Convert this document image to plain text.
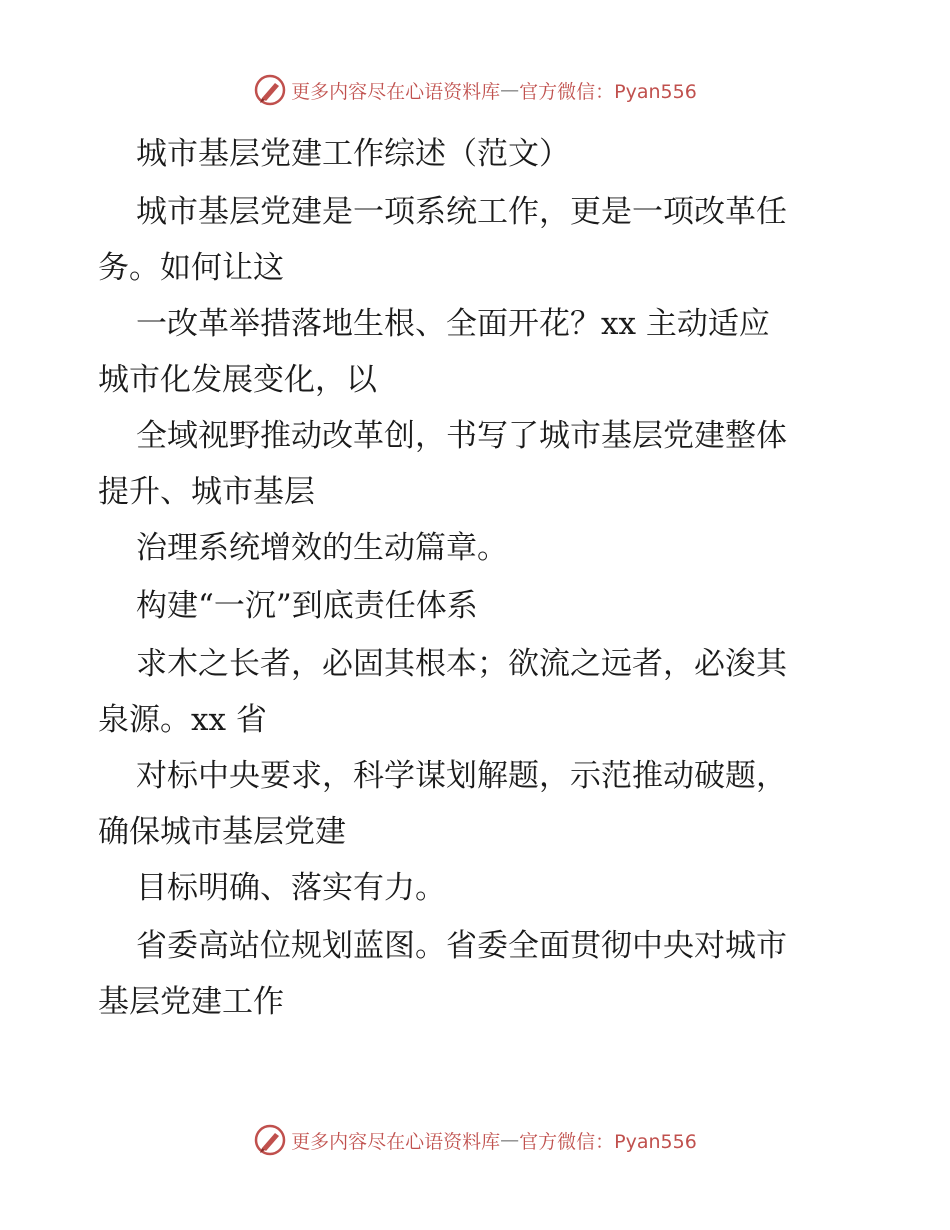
更多内容尽在心语资料库 — 官方微信：Pyan556
城市基层党建工作综述（范文）
城市基层党建是一项系统工作，更是一项改革任
务。如何让这
一改革举措落地生根、全面开花？xx 主动适应
城市化发展变化，以
全域视野推动改革创，书写了城市基层党建整体
提升、城市基层
治理系统增效的生动篇章。
构建“一沉”到底责任体系
求木之长者，必固其根本；欲流之远者，必浚其
泉源。xx 省
对标中央要求，科学谋划解题，示范推动破题，
确保城市基层党建
目标明确、落实有力。
省委高站位规划蓝图。省委全面贯彻中央对城市
基层党建工作
更多内容尽在心语资料库 — 官方微信：Pyan556
